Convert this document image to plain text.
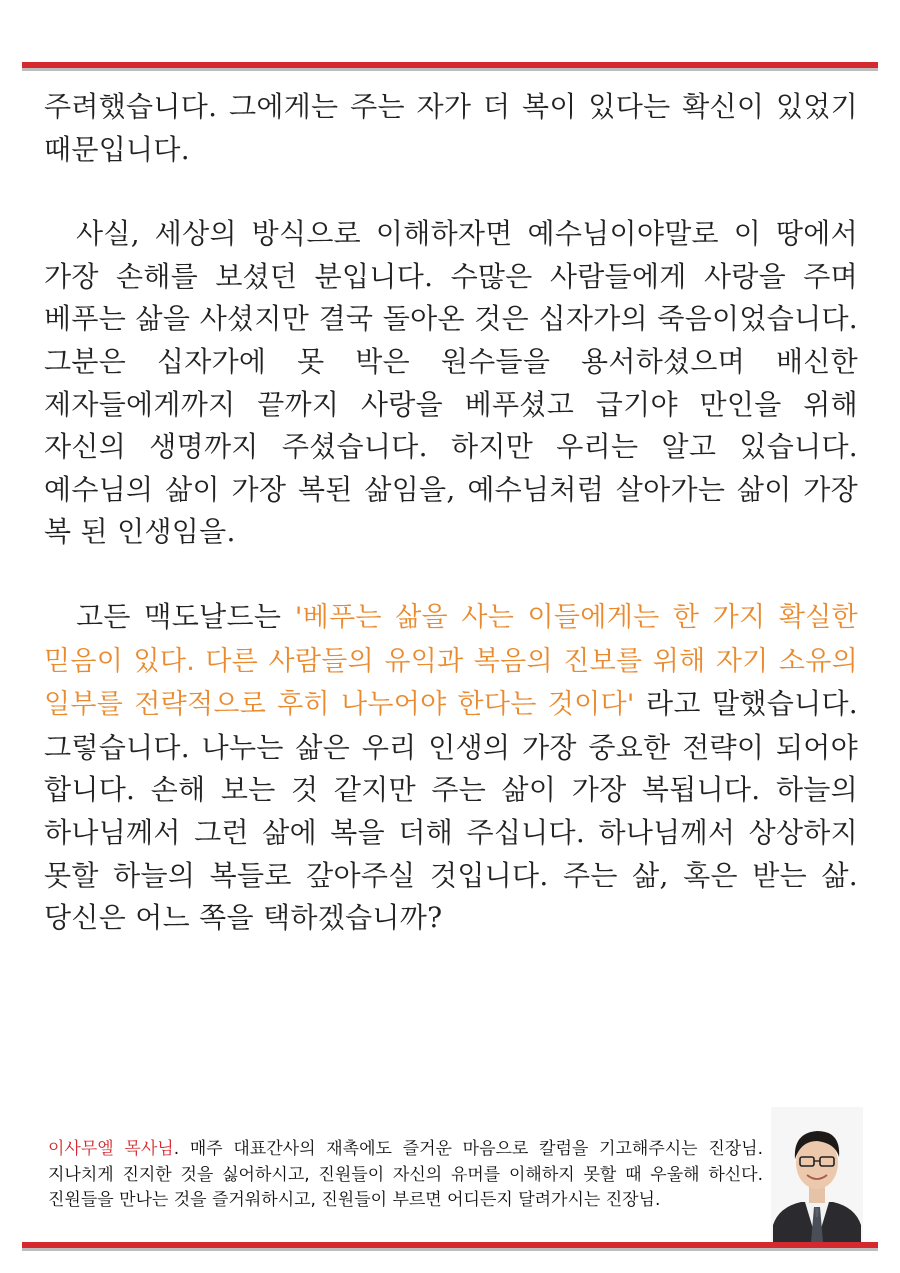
주려했습니다. 그에게는 주는 자가 더 복이 있다는 확신이 있었기 때문입니다.

사실, 세상의 방식으로 이해하자면 예수님이야말로 이 땅에서 가장 손해를 보셨던 분입니다. 수많은 사람들에게 사랑을 주며 베푸는 삶을 사셨지만 결국 돌아온 것은 십자가의 죽음이었습니다. 그분은 십자가에 못 박은 원수들을 용서하셨으며 배신한 제자들에게까지 끝까지 사랑을 베푸셨고 급기야 만인을 위해 자신의 생명까지 주셨습니다. 하지만 우리는 알고 있습니다. 예수님의 삶이 가장 복된 삶임을, 예수님처럼 살아가는 삶이 가장 복 된 인생임을.

고든 맥도날드는 '베푸는 삶을 사는 이들에게는 한 가지 확실한 믿음이 있다. 다른 사람들의 유익과 복음의 진보를 위해 자기 소유의 일부를 전략적으로 후히 나누어야 한다는 것이다' 라고 말했습니다. 그렇습니다. 나누는 삶은 우리 인생의 가장 중요한 전략이 되어야 합니다. 손해 보는 것 같지만 주는 삶이 가장 복됩니다. 하늘의 하나님께서 그런 삶에 복을 더해 주십니다. 하나님께서 상상하지 못할 하늘의 복들로 갚아주실 것입니다. 주는 삶, 혹은 받는 삶. 당신은 어느 쪽을 택하겠습니까?

이사무엘 목사님. 매주 대표간사의 재촉에도 즐거운 마음으로 칼럼을 기고해주시는 진장님. 지나치게 진지한 것을 싫어하시고, 진원들이 자신의 유머를 이해하지 못할 때 우울해 하신다. 진원들을 만나는 것을 즐거워하시고, 진원들이 부르면 어디든지 달려가시는 진장님.
